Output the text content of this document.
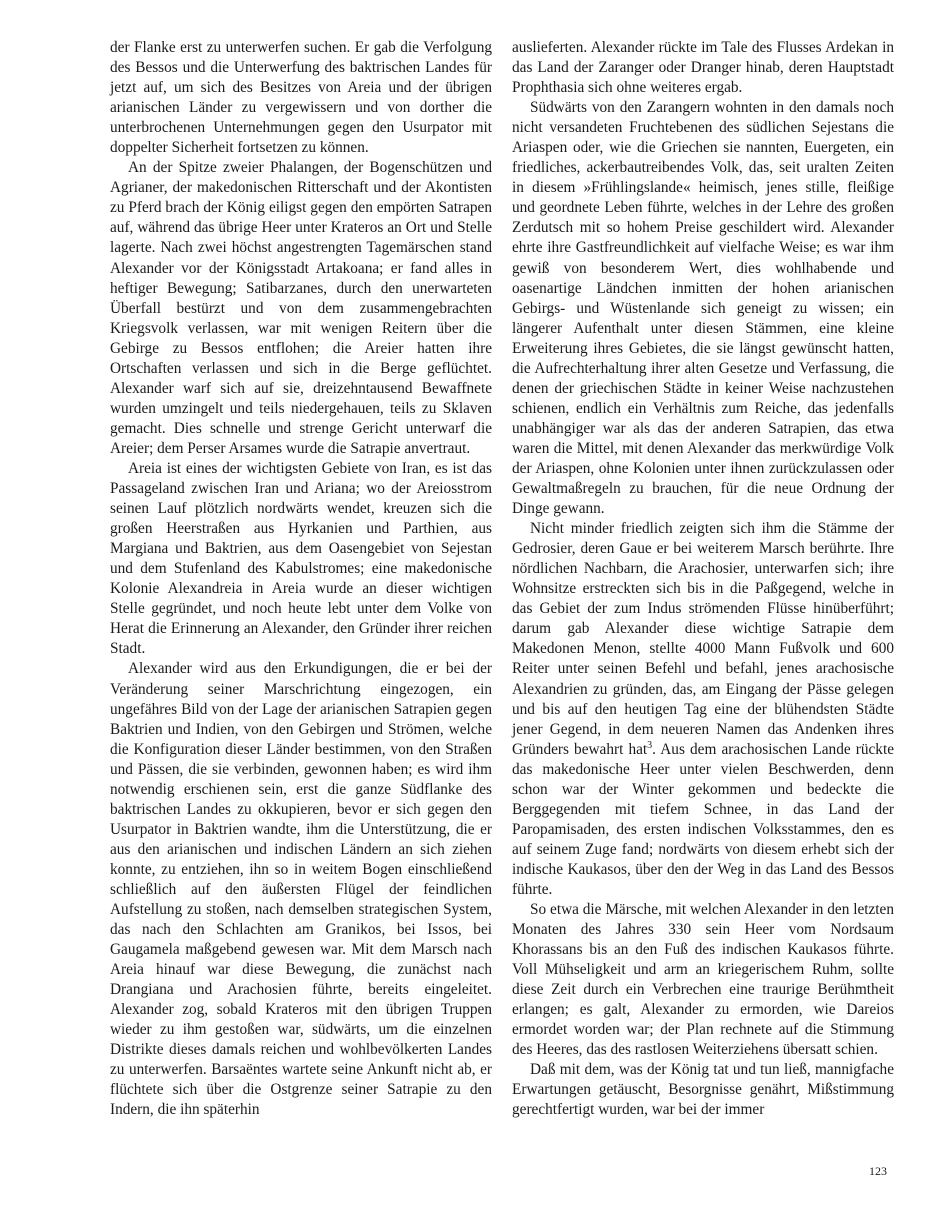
der Flanke erst zu unterwerfen suchen. Er gab die Verfolgung des Bessos und die Unterwerfung des baktrischen Landes für jetzt auf, um sich des Besitzes von Areia und der übrigen arianischen Länder zu vergewissern und von dorther die unterbrochenen Unternehmungen gegen den Usurpator mit doppelter Sicherheit fortsetzen zu können.

An der Spitze zweier Phalangen, der Bogenschützen und Agrianer, der makedonischen Ritterschaft und der Akontisten zu Pferd brach der König eiligst gegen den empörten Satrapen auf, während das übrige Heer unter Krateros an Ort und Stelle lagerte. Nach zwei höchst angestrengten Tagemärschen stand Alexander vor der Königsstadt Artakoana; er fand alles in heftiger Bewegung; Satibarzanes, durch den unerwarteten Überfall bestürzt und von dem zusammengebrachten Kriegsvolk verlassen, war mit wenigen Reitern über die Gebirge zu Bessos entflohen; die Areier hatten ihre Ortschaften verlassen und sich in die Berge geflüchtet. Alexander warf sich auf sie, dreizehntausend Bewaffnete wurden umzingelt und teils niedergehauen, teils zu Sklaven gemacht. Dies schnelle und strenge Gericht unterwarf die Areier; dem Perser Arsames wurde die Satrapie anvertraut.

Areia ist eines der wichtigsten Gebiete von Iran, es ist das Passageland zwischen Iran und Ariana; wo der Areiosstrom seinen Lauf plötzlich nordwärts wendet, kreuzen sich die großen Heerstraßen aus Hyrkanien und Parthien, aus Margiana und Baktrien, aus dem Oasengebiet von Sejestan und dem Stufenland des Kabulstromes; eine makedonische Kolonie Alexandreia in Areia wurde an dieser wichtigen Stelle gegründet, und noch heute lebt unter dem Volke von Herat die Erinnerung an Alexander, den Gründer ihrer reichen Stadt.

Alexander wird aus den Erkundigungen, die er bei der Veränderung seiner Marschrichtung eingezogen, ein ungefähres Bild von der Lage der arianischen Satrapien gegen Baktrien und Indien, von den Gebirgen und Strömen, welche die Konfiguration dieser Länder bestimmen, von den Straßen und Pässen, die sie verbinden, gewonnen haben; es wird ihm notwendig erschienen sein, erst die ganze Südflanke des baktrischen Landes zu okkupieren, bevor er sich gegen den Usurpator in Baktrien wandte, ihm die Unterstützung, die er aus den arianischen und indischen Ländern an sich ziehen konnte, zu entziehen, ihn so in weitem Bogen einschließend schließlich auf den äußersten Flügel der feindlichen Aufstellung zu stoßen, nach demselben strategischen System, das nach den Schlachten am Granikos, bei Issos, bei Gaugamela maßgebend gewesen war. Mit dem Marsch nach Areia hinauf war diese Bewegung, die zunächst nach Drangiana und Arachosien führte, bereits eingeleitet. Alexander zog, sobald Krateros mit den übrigen Truppen wieder zu ihm gestoßen war, südwärts, um die einzelnen Distrikte dieses damals reichen und wohlbevölkerten Landes zu unterwerfen. Barsaëntes wartete seine Ankunft nicht ab, er flüchtete sich über die Ostgrenze seiner Satrapie zu den Indern, die ihn späterhin

auslieferten. Alexander rückte im Tale des Flusses Ardekan in das Land der Zaranger oder Dranger hinab, deren Hauptstadt Prophthasia sich ohne weiteres ergab.

Südwärts von den Zarangern wohnten in den damals noch nicht versandeten Fruchtebenen des südlichen Sejestans die Ariaspen oder, wie die Griechen sie nannten, Euergeten, ein friedliches, ackerbautreibendes Volk, das, seit uralten Zeiten in diesem »Frühlingslande« heimisch, jenes stille, fleißige und geordnete Leben führte, welches in der Lehre des großen Zerdutsch mit so hohem Preise geschildert wird. Alexander ehrte ihre Gastfreundlichkeit auf vielfache Weise; es war ihm gewiß von besonderem Wert, dies wohlhabende und oasenartige Ländchen inmitten der hohen arianischen Gebirgs- und Wüstenlande sich geneigt zu wissen; ein längerer Aufenthalt unter diesen Stämmen, eine kleine Erweiterung ihres Gebietes, die sie längst gewünscht hatten, die Aufrechterhaltung ihrer alten Gesetze und Verfassung, die denen der griechischen Städte in keiner Weise nachzustehen schienen, endlich ein Verhältnis zum Reiche, das jedenfalls unabhängiger war als das der anderen Satrapien, das etwa waren die Mittel, mit denen Alexander das merkwürdige Volk der Ariaspen, ohne Kolonien unter ihnen zurückzulassen oder Gewaltmaßregeln zu brauchen, für die neue Ordnung der Dinge gewann.

Nicht minder friedlich zeigten sich ihm die Stämme der Gedrosier, deren Gaue er bei weiterem Marsch berührte. Ihre nördlichen Nachbarn, die Arachosier, unterwarfen sich; ihre Wohnsitze erstreckten sich bis in die Paßgegend, welche in das Gebiet der zum Indus strömenden Flüsse hinüberführt; darum gab Alexander diese wichtige Satrapie dem Makedonen Menon, stellte 4000 Mann Fußvolk und 600 Reiter unter seinen Befehl und befahl, jenes arachosische Alexandrien zu gründen, das, am Eingang der Pässe gelegen und bis auf den heutigen Tag eine der blühendsten Städte jener Gegend, in dem neueren Namen das Andenken ihres Gründers bewahrt hat$^3$. Aus dem arachosischen Lande rückte das makedonische Heer unter vielen Beschwerden, denn schon war der Winter gekommen und bedeckte die Berggegenden mit tiefem Schnee, in das Land der Paropamisaden, des ersten indischen Volksstammes, den es auf seinem Zuge fand; nordwärts von diesem erhebt sich der indische Kaukasos, über den der Weg in das Land des Bessos führte.

So etwa die Märsche, mit welchen Alexander in den letzten Monaten des Jahres 330 sein Heer vom Nordsaum Khorassans bis an den Fuß des indischen Kaukasos führte. Voll Mühseligkeit und arm an kriegerischem Ruhm, sollte diese Zeit durch ein Verbrechen eine traurige Berühmtheit erlangen; es galt, Alexander zu ermorden, wie Dareios ermordet worden war; der Plan rechnete auf die Stimmung des Heeres, das des rastlosen Weiterziehens übersatt schien.

Daß mit dem, was der König tat und tun ließ, mannigfache Erwartungen getäuscht, Besorgnisse genährt, Mißstimmung gerechtfertigt wurden, war bei der immer

123
